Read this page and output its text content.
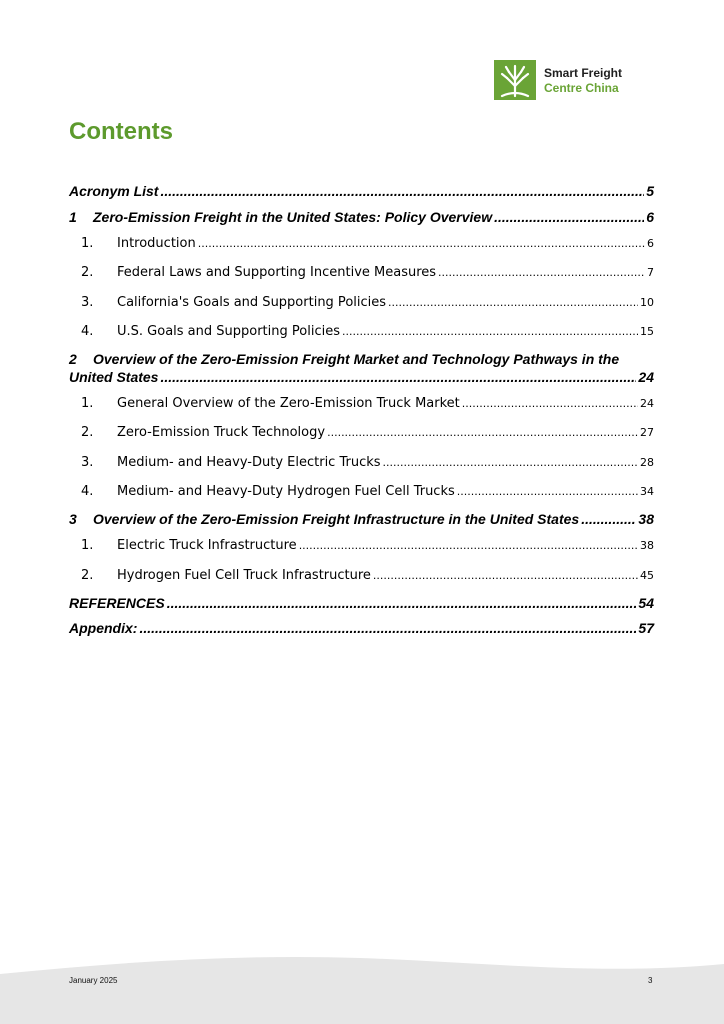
Smart Freight
Centre China
Contents
Acronym List .....	5
1	Zero-Emission Freight in the United States: Policy Overview .....	6
1.	Introduction .....	6
2.	Federal Laws and Supporting Incentive Measures .....	7
3.	California's Goals and Supporting Policies .....	10
4.	U.S. Goals and Supporting Policies .....	15
2 Overview of the Zero-Emission Freight Market and Technology Pathways in the
United States .....	24
1.	General Overview of the Zero-Emission Truck Market .....	24
2.	Zero-Emission Truck Technology .....	27
3.	Medium- and Heavy-Duty Electric Trucks .....	28
4.	Medium- and Heavy-Duty Hydrogen Fuel Cell Trucks .....	34
3	Overview of the Zero-Emission Freight Infrastructure in the United States .....	38
1.	Electric Truck Infrastructure .....	38
2.	Hydrogen Fuel Cell Truck Infrastructure .....	45
REFERENCES .....	54
Appendix: .....	57
January 2025	3
